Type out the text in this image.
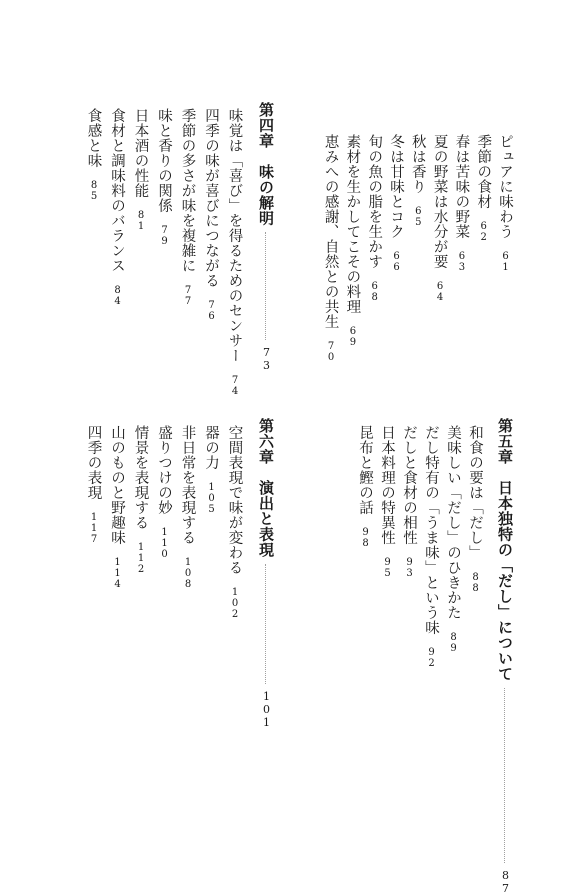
第四章　味の解明73
味覚は「喜び」を得るためのセンサー74
四季の味が喜びにつながる76
季節の多さが味を複雑に77
味と香りの関係79
日本酒の性能81
食材と調味料のバランス84
食感と味85	ピュアに味わう61
季節の食材62
春は苦味の野菜63
夏の野菜は水分が要64
秋は香り65
冬は甘味とコク66
旬の魚の脂を生かす68
素材を生かしてこその料理69
恵みへの感謝、自然との共生70
第五章　日本独特の「だし」について87
和食の要は「だし」88
美味しい「だし」のひきかた89
だし特有の「うま味」という味92
だしと食材の相性93
日本料理の特異性95
昆布と鰹の話98
第六章　演出と表現101
空間表現で味が変わる102
器の力105
非日常を表現する108
盛りつけの妙110
情景を表現する112
山のものと野趣味114
四季の表現117
